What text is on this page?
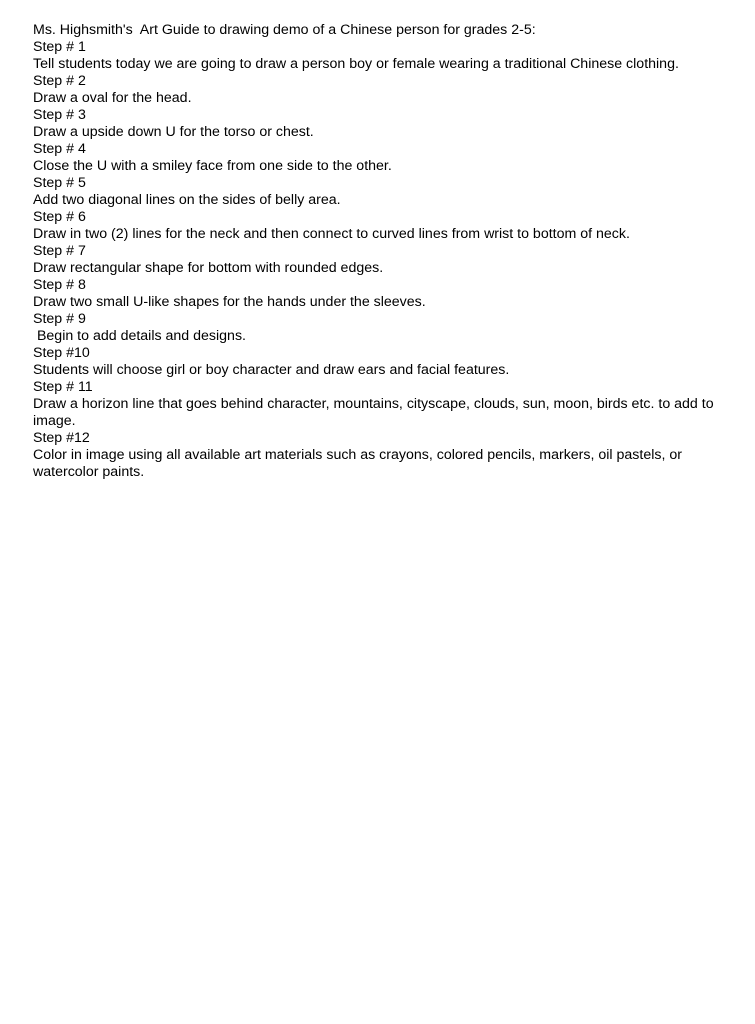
Ms. Highsmith's  Art Guide to drawing demo of a Chinese person for grades 2-5:

Step # 1

Tell students today we are going to draw a person boy or female wearing a traditional Chinese clothing.

Step # 2

Draw a oval for the head.

Step # 3

Draw a upside down U for the torso or chest.

Step # 4

Close the U with a smiley face from one side to the other.

Step # 5

Add two diagonal lines on the sides of belly area.

Step # 6

Draw in two (2) lines for the neck and then connect to curved lines from wrist to bottom of neck.

Step # 7

Draw rectangular shape for bottom with rounded edges.

Step # 8

Draw two small U-like shapes for the hands under the sleeves.

Step # 9

Begin to add details and designs.

Step #10

Students will choose girl or boy character and draw ears and facial features.

Step # 11

Draw a horizon line that goes behind character, mountains, cityscape, clouds, sun, moon, birds etc. to add to image.

Step #12

Color in image using all available art materials such as crayons, colored pencils, markers, oil pastels, or watercolor paints.
